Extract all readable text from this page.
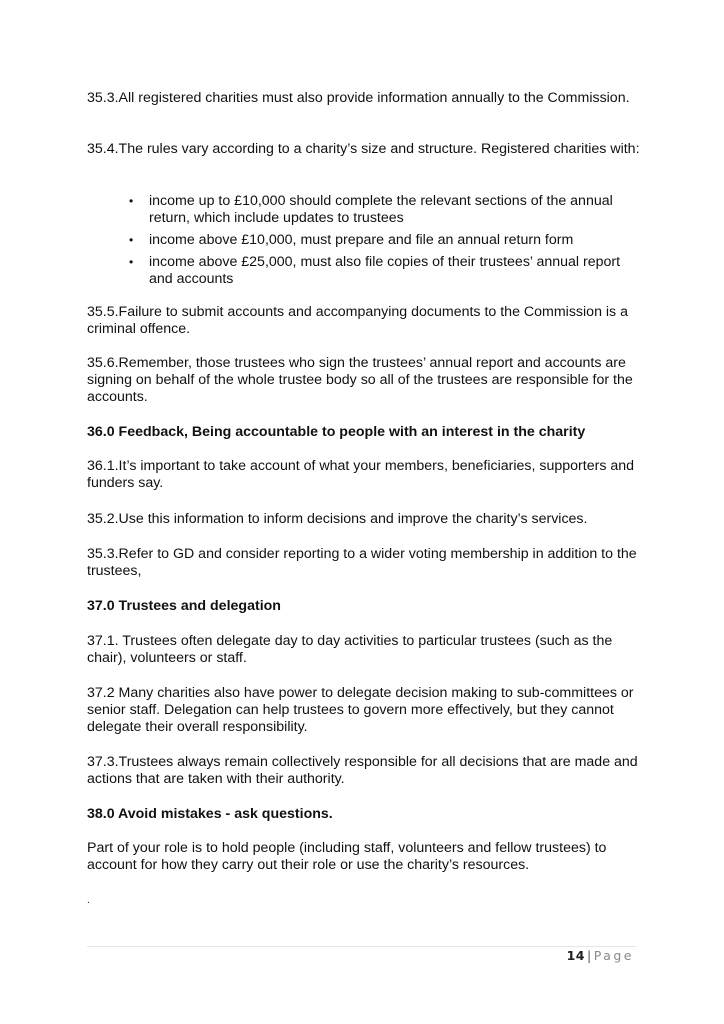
35.3.All registered charities must also provide information annually to the Commission.

35.4.The rules vary according to a charity’s size and structure. Registered charities with:

• income up to £10,000 should complete the relevant sections of the annual return, which include updates to trustees
• income above £10,000, must prepare and file an annual return form
• income above £25,000, must also file copies of their trustees’ annual report and accounts

35.5.Failure to submit accounts and accompanying documents to the Commission is a criminal offence.

35.6.Remember, those trustees who sign the trustees’ annual report and accounts are signing on behalf of the whole trustee body so all of the trustees are responsible for the accounts.

36.0 Feedback, Being accountable to people with an interest in the charity

36.1.It’s important to take account of what your members, beneficiaries, supporters and funders say.

35.2.Use this information to inform decisions and improve the charity’s services.

35.3.Refer to GD and consider reporting to a wider voting membership in addition to the trustees,

37.0 Trustees and delegation

37.1. Trustees often delegate day to day activities to particular trustees (such as the chair), volunteers or staff.

37.2 Many charities also have power to delegate decision making to sub-committees or senior staff. Delegation can help trustees to govern more effectively, but they cannot delegate their overall responsibility.

37.3.Trustees always remain collectively responsible for all decisions that are made and actions that are taken with their authority.

38.0 Avoid mistakes - ask questions.

Part of your role is to hold people (including staff, volunteers and fellow trustees) to account for how they carry out their role or use the charity’s resources.

.

14 | Page
